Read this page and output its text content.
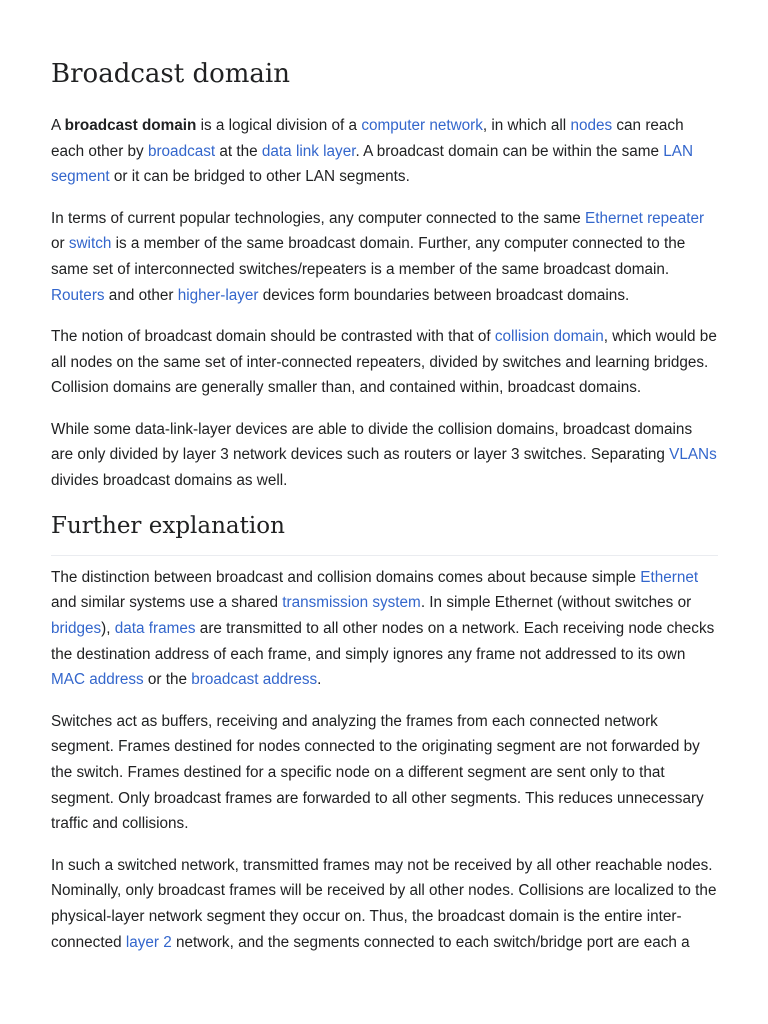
Broadcast domain

A broadcast domain is a logical division of a computer network, in which all nodes can reach each other by broadcast at the data link layer. A broadcast domain can be within the same LAN segment or it can be bridged to other LAN segments.

In terms of current popular technologies, any computer connected to the same Ethernet repeater or switch is a member of the same broadcast domain. Further, any computer connected to the same set of interconnected switches/repeaters is a member of the same broadcast domain. Routers and other higher-layer devices form boundaries between broadcast domains.

The notion of broadcast domain should be contrasted with that of collision domain, which would be all nodes on the same set of inter-connected repeaters, divided by switches and learning bridges. Collision domains are generally smaller than, and contained within, broadcast domains.

While some data-link-layer devices are able to divide the collision domains, broadcast domains are only divided by layer 3 network devices such as routers or layer 3 switches. Separating VLANs divides broadcast domains as well.

Further explanation

The distinction between broadcast and collision domains comes about because simple Ethernet and similar systems use a shared transmission system. In simple Ethernet (without switches or bridges), data frames are transmitted to all other nodes on a network. Each receiving node checks the destination address of each frame, and simply ignores any frame not addressed to its own MAC address or the broadcast address.

Switches act as buffers, receiving and analyzing the frames from each connected network segment. Frames destined for nodes connected to the originating segment are not forwarded by the switch. Frames destined for a specific node on a different segment are sent only to that segment. Only broadcast frames are forwarded to all other segments. This reduces unnecessary traffic and collisions.

In such a switched network, transmitted frames may not be received by all other reachable nodes. Nominally, only broadcast frames will be received by all other nodes. Collisions are localized to the physical-layer network segment they occur on. Thus, the broadcast domain is the entire inter-connected layer 2 network, and the segments connected to each switch/bridge port are each a
